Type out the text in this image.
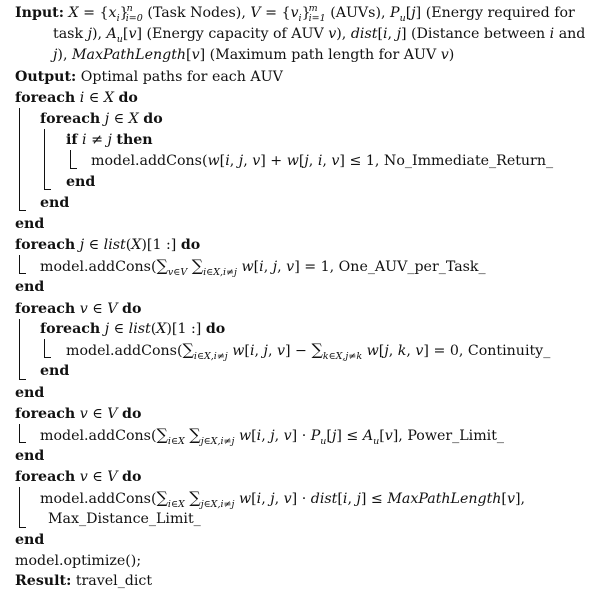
Input: $X = \{x_i\}^n_{i=0}$ (Task Nodes), $V = \{v_i\}^m_{i=1}$ (AUVs), $P_u[j]$ (Energy required for
task j), $A_u[v]$ (Energy capacity of AUV v), dist[i, j] (Distance between i and
j), MaxPathLength[v] (Maximum path length for AUV v)
Output: Optimal paths for each AUV
foreach i ∈ X do
foreach j ∈ X do
if i ≠ j then
model.addCons(w[i, j, v] + w[j, i, v] ≤ 1, No_Immediate_Return_
end
end
end
foreach j ∈ list(X)[1 :] do
$model.addCons(\sum_{v\in V}$ $\sum_{i\in X,i\ne j}$ w[i, j, v] = 1, One_AUV_per_Task_
end
foreach v ∈ V do
foreach j ∈ list(X)[1 :] do
$model.addCons(\sum_{i\in X,i\ne j}$ w[i, j, $v] - \sum_{k\in X,j\ne k}$ w[j, k, v] = 0, Continuity_
end
end
foreach v ∈ V do
$model.addCons(\sum_{i\in X}$ $\sum_{j\in X,i\ne j}$ w[i, j, $v] \cdot P_u[j] \le A_u[v]$, Power_Limit_
end
foreach v ∈ V do
$model.addCons(\sum_{i\in X}$ $\sum_{j\in X,i\ne j}$ w[i, j, v] · dist[i, j] ≤ MaxPathLength[v],
Max_Distance_Limit_
end
model.optimize();
Result: travel_dict
